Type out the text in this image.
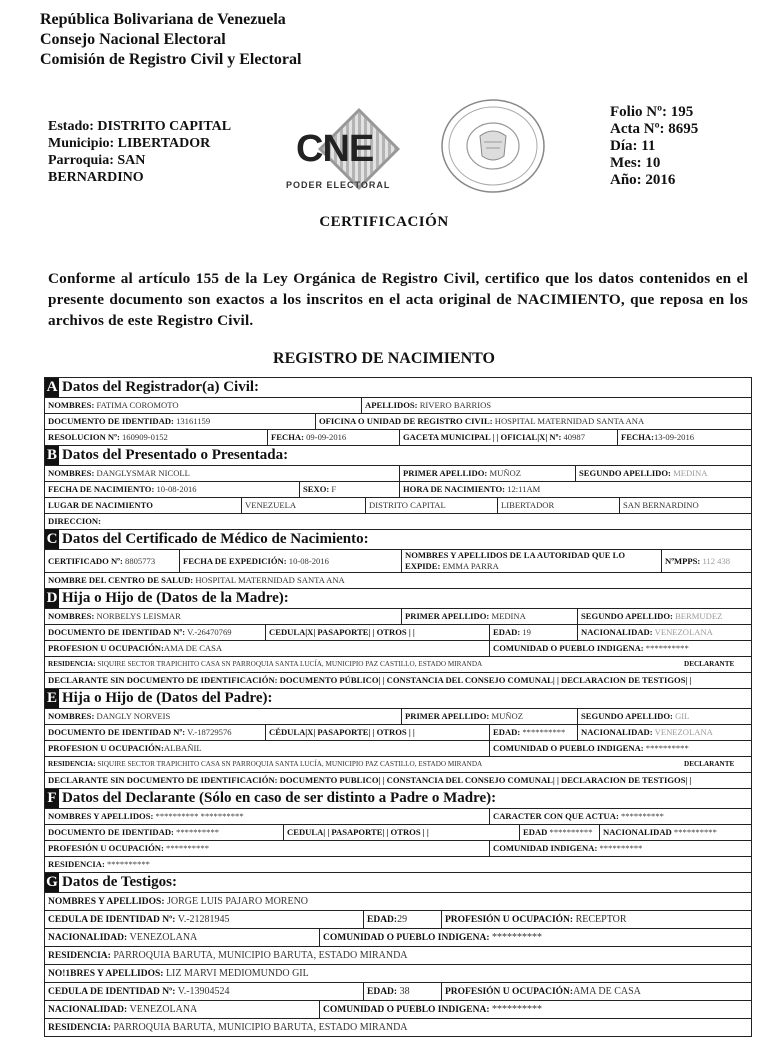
República Bolivariana de Venezuela
Consejo Nacional Electoral
Comisión de Registro Civil y Electoral
Estado: DISTRITO CAPITAL
Municipio: LIBERTADOR
Parroquia: SAN
BERNARDINO
CNE
PODER ELECTORAL
Folio Nº: 195
Acta Nº: 8695
Día: 11
Mes: 10
Año: 2016
CERTIFICACIÓN
Conforme al artículo 155 de la Ley Orgánica de Registro Civil, certifico que los datos contenidos en el presente documento son exactos a los inscritos en el acta original de NACIMIENTO, que reposa en los archivos de este Registro Civil.
REGISTRO DE NACIMIENTO
A Datos del Registrador(a) Civil:
NOMBRES: FATIMA COROMOTO	APELLIDOS: RIVERO BARRIOS
DOCUMENTO DE IDENTIDAD: 13161159	OFICINA O UNIDAD DE REGISTRO CIVIL: HOSPITAL MATERNIDAD SANTA ANA
RESOLUCION Nº: 160909-0152	FECHA: 09-09-2016	GACETA MUNICIPAL | | OFICIAL|X| Nº: 40987	FECHA:13-09-2016
B Datos del Presentado o Presentada:
NOMBRES: DANGLYSMAR NICOLL	PRIMER APELLIDO: MUÑOZ	SEGUNDO APELLIDO: MEDINA
FECHA DE NACIMIENTO: 10-08-2016	SEXO: F	HORA DE NACIMIENTO: 12:11AM
LUGAR DE NACIMIENTO	VENEZUELA	DISTRITO CAPITAL	LIBERTADOR	SAN BERNARDINO
DIRECCION:
C Datos del Certificado de Médico de Nacimiento:
CERTIFICADO Nº: 8805773	FECHA DE EXPEDICIÓN: 10-08-2016
NOMBRES Y APELLIDOS DE LA AUTORIDAD QUE LO
EXPIDE: EMMA PARRA	NºMPPS: 112 438
NOMBRE DEL CENTRO DE SALUD: HOSPITAL MATERNIDAD SANTA ANA
D Hija o Hijo de (Datos de la Madre):
NOMBRES: NORBELYS LEISMAR	PRIMER APELLIDO: MEDINA	SEGUNDO APELLIDO: BERMUDEZ
DOCUMENTO DE IDENTIDAD Nº: V.-26470769	CEDULA|X| PASAPORTE| | OTROS | |	EDAD: 19	NACIONALIDAD: VENEZOLANA
PROFESION U OCUPACIÓN:AMA DE CASA	COMUNIDAD O PUEBLO INDIGENA: **********
RESIDENCIA: SIQUIRE SECTOR TRAPICHITO CASA SN PARROQUIA SANTA LUCÍA, MUNICIPIO PAZ CASTILLO, ESTADO MIRANDA	DECLARANTE
DECLARANTE SIN DOCUMENTO DE IDENTIFICACIÓN: DOCUMENTO PÚBLICO| | CONSTANCIA DEL CONSEJO COMUNAL| | DECLARACION DE TESTIGOS| |
E Hija o Hijo de (Datos del Padre):
NOMBRES: DANGLY NORVEIS	PRIMER APELLIDO: MUÑOZ	SEGUNDO APELLIDO: GIL
DOCUMENTO DE IDENTIDAD Nº: V.-18729576	CÉDULA|X| PASAPORTE| | OTROS | |	EDAD: **********	NACIONALIDAD: VENEZOLANA
PROFESION U OCUPACIÓN:ALBAÑIL	COMUNIDAD O PUEBLO INDIGENA: **********
RESIDENCIA: SIQUIRE SECTOR TRAPICHITO CASA SN PARROQUIA SANTA LUCÍA, MUNICIPIO PAZ CASTILLO, ESTADO MIRANDA	DECLARANTE
DECLARANTE SIN DOCUMENTO DE IDENTIFICACIÓN: DOCUMENTO PUBLICO| | CONSTANCIA DEL CONSEJO COMUNAL| | DECLARACION DE TESTIGOS| |
F Datos del Declarante (Sólo en caso de ser distinto a Padre o Madre):
NOMBRES Y APELLIDOS: ********** **********	CARACTER CON QUE ACTUA: **********
DOCUMENTO DE IDENTIDAD: **********	CEDULA| | PASAPORTE| | OTROS | |	EDAD **********	NACIONALIDAD **********
PROFESIÓN U OCUPACIÓN: **********	COMUNIDAD INDIGENA: **********
RESIDENCIA: **********
G Datos de Testigos:
NOMBRES Y APELLIDOS: JORGE LUIS PAJARO MORENO
CEDULA DE IDENTIDAD Nº: V.-21281945	EDAD:29	PROFESIÓN U OCUPACIÓN: RECEPTOR
NACIONALIDAD: VENEZOLANA	COMUNIDAD O PUEBLO INDIGENA: **********
RESIDENCIA: PARROQUIA BARUTA, MUNICIPIO BARUTA, ESTADO MIRANDA
NO!1BRES Y APELLIDOS: LIZ MARVI MEDIOMUNDO GIL
CEDULA DE IDENTIDAD Nº: V.-13904524	EDAD: 38	PROFESIÓN U OCUPACIÓN:AMA DE CASA
NACIONALIDAD: VENEZOLANA	COMUNIDAD O PUEBLO INDIGENA: **********
RESIDENCIA: PARROQUIA BARUTA, MUNICIPIO BARUTA, ESTADO MIRANDA
